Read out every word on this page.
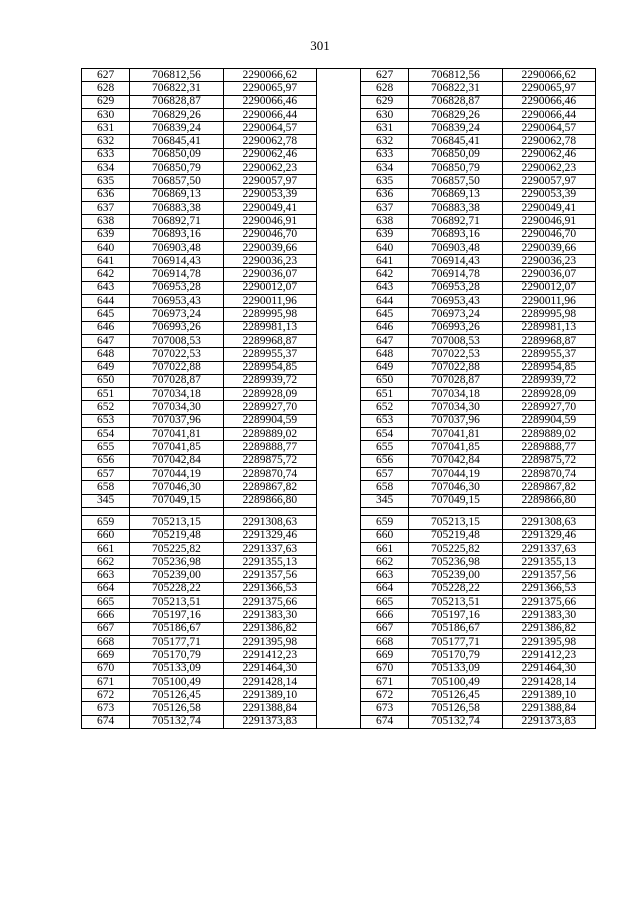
301
627	706812,56	2290066,62		627	706812,56	2290066,62
628	706822,31	2290065,97		628	706822,31	2290065,97
629	706828,87	2290066,46		629	706828,87	2290066,46
630	706829,26	2290066,44		630	706829,26	2290066,44
631	706839,24	2290064,57		631	706839,24	2290064,57
632	706845,41	2290062,78		632	706845,41	2290062,78
633	706850,09	2290062,46		633	706850,09	2290062,46
634	706850,79	2290062,23		634	706850,79	2290062,23
635	706857,50	2290057,97		635	706857,50	2290057,97
636	706869,13	2290053,39		636	706869,13	2290053,39
637	706883,38	2290049,41		637	706883,38	2290049,41
638	706892,71	2290046,91		638	706892,71	2290046,91
639	706893,16	2290046,70		639	706893,16	2290046,70
640	706903,48	2290039,66		640	706903,48	2290039,66
641	706914,43	2290036,23		641	706914,43	2290036,23
642	706914,78	2290036,07		642	706914,78	2290036,07
643	706953,28	2290012,07		643	706953,28	2290012,07
644	706953,43	2290011,96		644	706953,43	2290011,96
645	706973,24	2289995,98		645	706973,24	2289995,98
646	706993,26	2289981,13		646	706993,26	2289981,13
647	707008,53	2289968,87		647	707008,53	2289968,87
648	707022,53	2289955,37		648	707022,53	2289955,37
649	707022,88	2289954,85		649	707022,88	2289954,85
650	707028,87	2289939,72		650	707028,87	2289939,72
651	707034,18	2289928,09		651	707034,18	2289928,09
652	707034,30	2289927,70		652	707034,30	2289927,70
653	707037,96	2289904,59		653	707037,96	2289904,59
654	707041,81	2289889,02		654	707041,81	2289889,02
655	707041,85	2289888,77		655	707041,85	2289888,77
656	707042,84	2289875,72		656	707042,84	2289875,72
657	707044,19	2289870,74		657	707044,19	2289870,74
658	707046,30	2289867,82		658	707046,30	2289867,82
345	707049,15	2289866,80		345	707049,15	2289866,80

659	705213,15	2291308,63		659	705213,15	2291308,63
660	705219,48	2291329,46		660	705219,48	2291329,46
661	705225,82	2291337,63		661	705225,82	2291337,63
662	705236,98	2291355,13		662	705236,98	2291355,13
663	705239,00	2291357,56		663	705239,00	2291357,56
664	705228,22	2291366,53		664	705228,22	2291366,53
665	705213,51	2291375,66		665	705213,51	2291375,66
666	705197,16	2291383,30		666	705197,16	2291383,30
667	705186,67	2291386,82		667	705186,67	2291386,82
668	705177,71	2291395,98		668	705177,71	2291395,98
669	705170,79	2291412,23		669	705170,79	2291412,23
670	705133,09	2291464,30		670	705133,09	2291464,30
671	705100,49	2291428,14		671	705100,49	2291428,14
672	705126,45	2291389,10		672	705126,45	2291389,10
673	705126,58	2291388,84		673	705126,58	2291388,84
674	705132,74	2291373,83		674	705132,74	2291373,83
